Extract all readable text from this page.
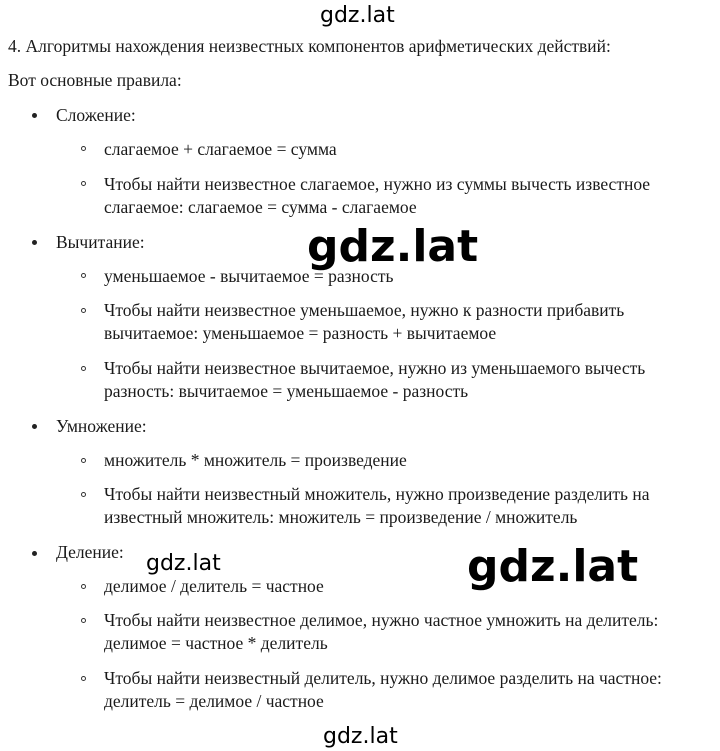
gdz.lat
gdz.lat
gdz.lat	gdz.lat
gdz.lat
4. Алгоритмы нахождения неизвестных компонентов арифметических действий:
Вот основные правила:
Сложение:
слагаемое + слагаемое = сумма
Чтобы найти неизвестное слагаемое, нужно из суммы вычесть известное
слагаемое: слагаемое = сумма - слагаемое
Вычитание:
уменьшаемое - вычитаемое = разность
Чтобы найти неизвестное уменьшаемое, нужно к разности прибавить
вычитаемое: уменьшаемое = разность + вычитаемое
Чтобы найти неизвестное вычитаемое, нужно из уменьшаемого вычесть
разность: вычитаемое = уменьшаемое - разность
Умножение:
множитель * множитель = произведение
Чтобы найти неизвестный множитель, нужно произведение разделить на
известный множитель: множитель = произведение / множитель
Деление:
делимое / делитель = частное
Чтобы найти неизвестное делимое, нужно частное умножить на делитель:
делимое = частное * делитель
Чтобы найти неизвестный делитель, нужно делимое разделить на частное:
делитель = делимое / частное
